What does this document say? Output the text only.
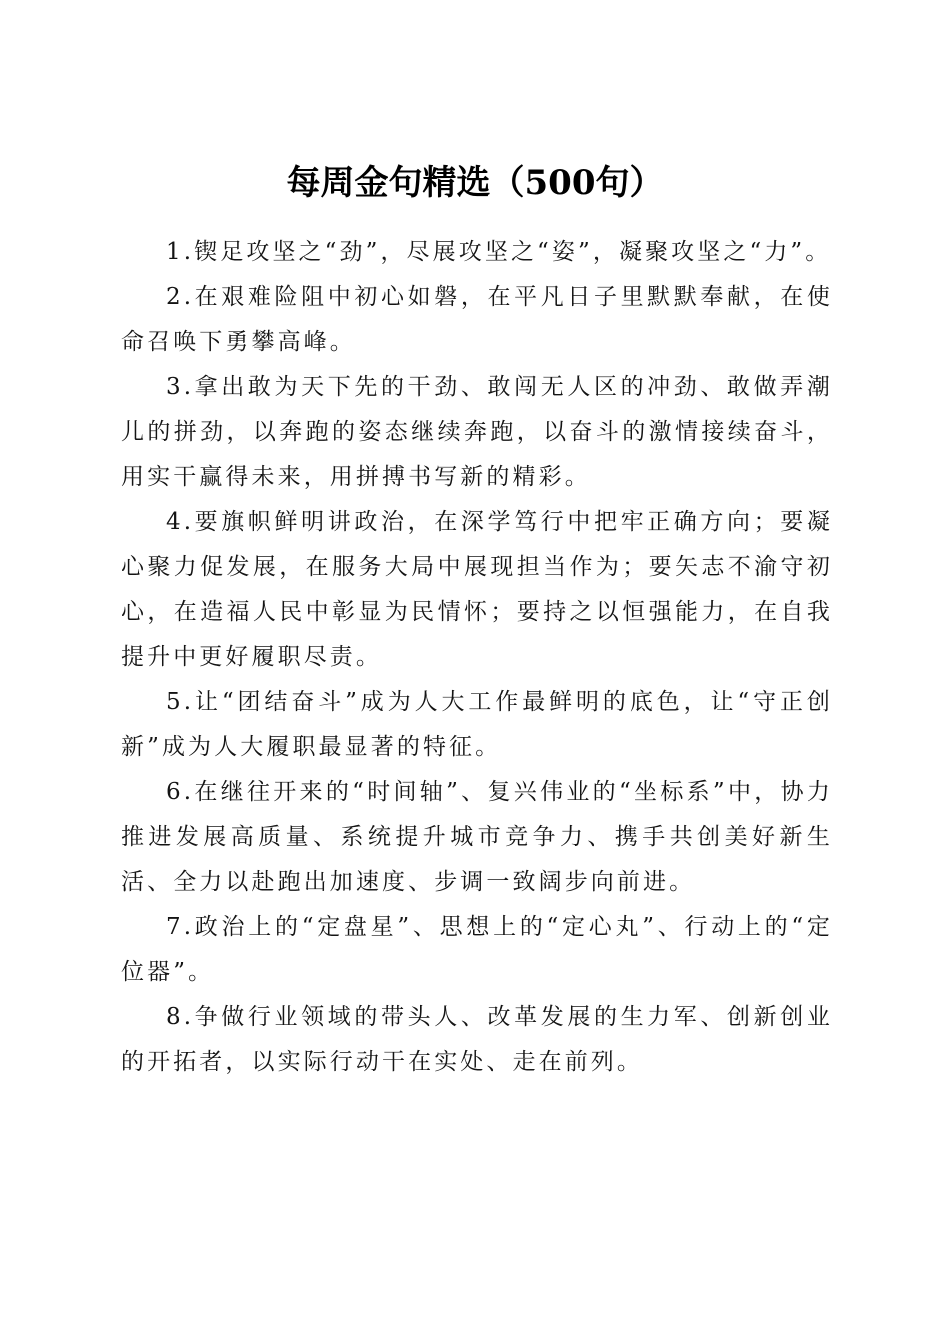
每周金句精选（500句）

1.锲足攻坚之“劲”，尽展攻坚之“姿”，凝聚攻坚之“力”。

2.在艰难险阻中初心如磐，在平凡日子里默默奉献，在使命召唤下勇攀高峰。

3.拿出敢为天下先的干劲、敢闯无人区的冲劲、敢做弄潮儿的拼劲，以奔跑的姿态继续奔跑，以奋斗的激情接续奋斗，用实干赢得未来，用拼搏书写新的精彩。

4.要旗帜鲜明讲政治，在深学笃行中把牢正确方向；要凝心聚力促发展，在服务大局中展现担当作为；要矢志不渝守初心，在造福人民中彰显为民情怀；要持之以恒强能力，在自我提升中更好履职尽责。

5.让“团结奋斗”成为人大工作最鲜明的底色，让“守正创新”成为人大履职最显著的特征。

6.在继往开来的“时间轴”、复兴伟业的“坐标系”中，协力推进发展高质量、系统提升城市竞争力、携手共创美好新生活、全力以赴跑出加速度、步调一致阔步向前进。

7.政治上的“定盘星”、思想上的“定心丸”、行动上的“定位器”。

8.争做行业领域的带头人、改革发展的生力军、创新创业的开拓者，以实际行动干在实处、走在前列。
